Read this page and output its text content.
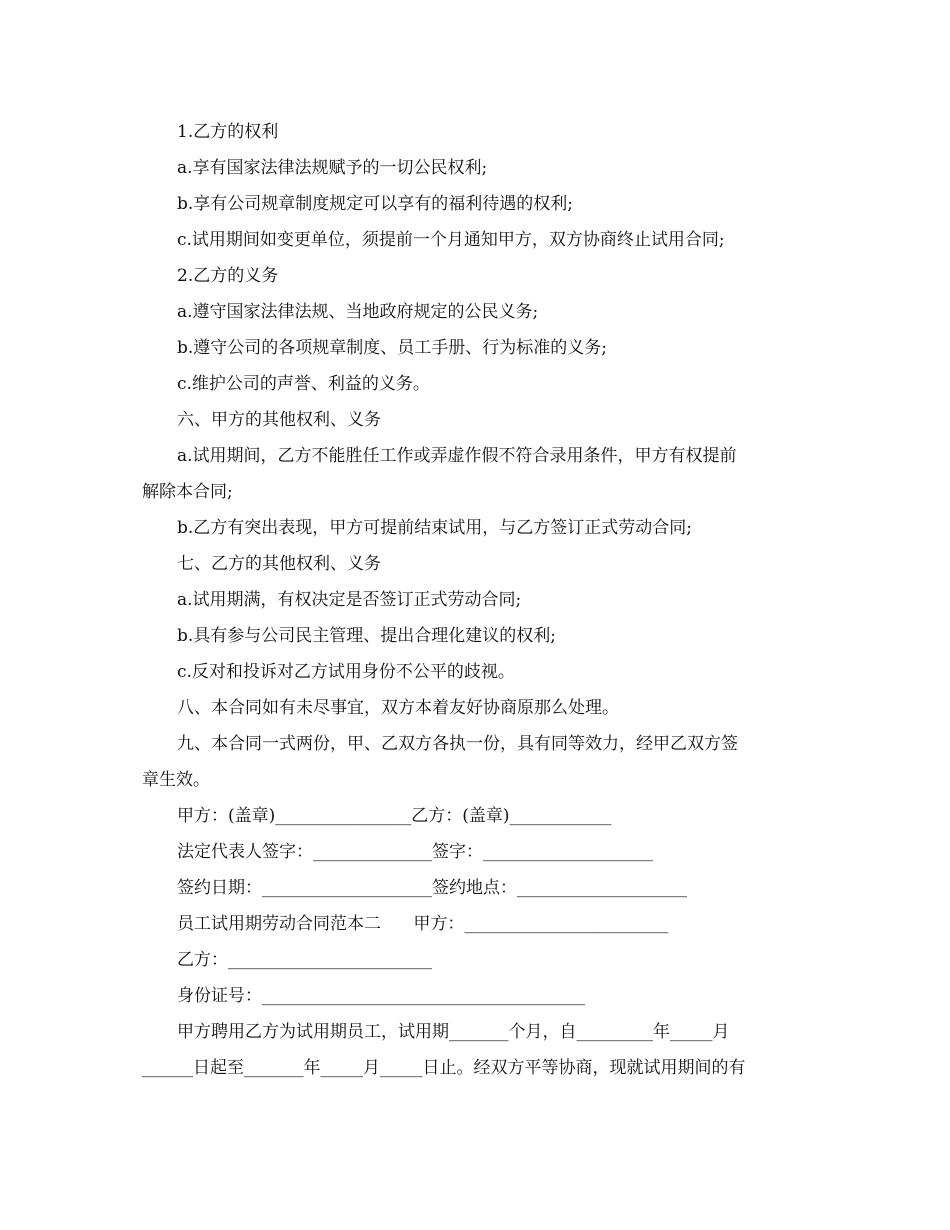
1.乙方的权利
a.享有国家法律法规赋予的一切公民权利;
b.享有公司规章制度规定可以享有的福利待遇的权利;
c.试用期间如变更单位，须提前一个月通知甲方，双方协商终止试用合同;
2.乙方的义务
a.遵守国家法律法规、当地政府规定的公民义务;
b.遵守公司的各项规章制度、员工手册、行为标准的义务;
c.维护公司的声誉、利益的义务。
六、甲方的其他权利、义务
a.试用期间，乙方不能胜任工作或弄虚作假不符合录用条件，甲方有权提前
解除本合同;
b.乙方有突出表现，甲方可提前结束试用，与乙方签订正式劳动合同;
七、乙方的其他权利、义务
a.试用期满，有权决定是否签订正式劳动合同;
b.具有参与公司民主管理、提出合理化建议的权利;
c.反对和投诉对乙方试用身份不公平的歧视。
八、本合同如有未尽事宜，双方本着友好协商原那么处理。
九、本合同一式两份，甲、乙双方各执一份，具有同等效力，经甲乙双方签
章生效。
甲方：(盖章)________________乙方：(盖章)____________
法定代表人签字：______________签字：____________________
签约日期：____________________签约地点：____________________
员工试用期劳动合同范本二      甲方：________________________
乙方：________________________
身份证号：______________________________________
甲方聘用乙方为试用期员工，试用期_______个月，自_________年_____月
______日起至_______年_____月_____日止。经双方平等协商，现就试用期间的有
